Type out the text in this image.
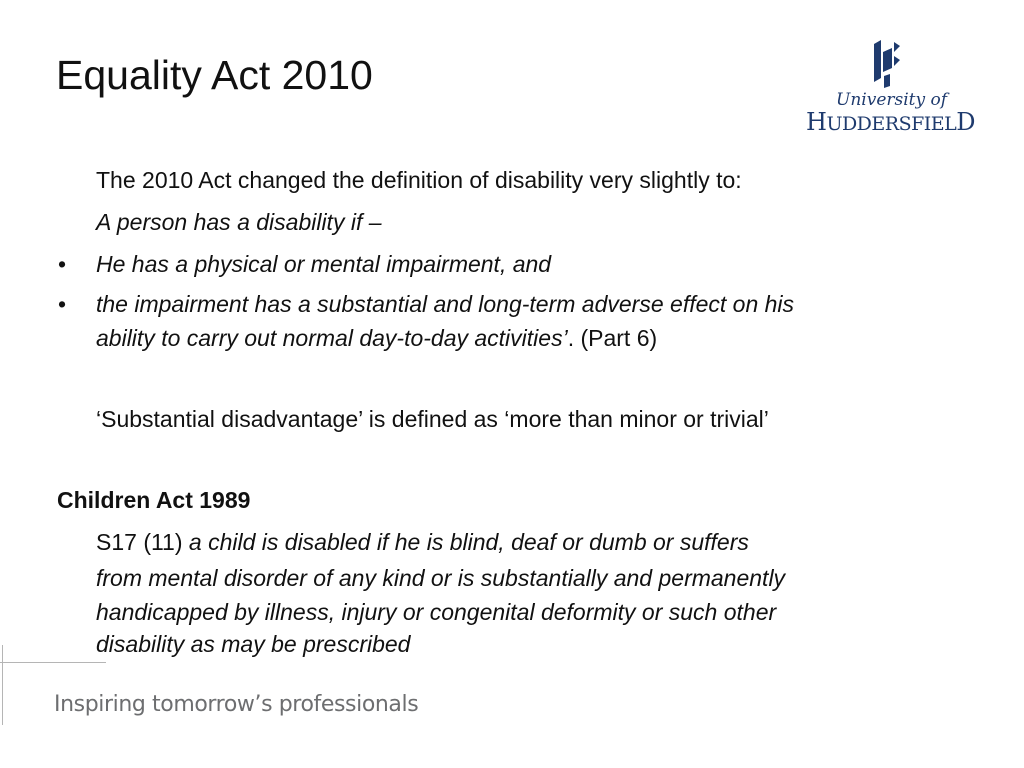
Equality Act 2010
University of
HUDDERSFIELD
The 2010 Act changed the definition of disability very slightly to:
A person has a disability if –
• He has a physical or mental impairment, and
• the impairment has a substantial and long-term adverse effect on his
ability to carry out normal day-to-day activities’. (Part 6)
‘Substantial disadvantage’ is defined as ‘more than minor or trivial’
Children Act 1989
S17 (11) a child is disabled if he is blind, deaf or dumb or suffers
from mental disorder of any kind or is substantially and permanently
handicapped by illness, injury or congenital deformity or such other
disability as may be prescribed
Inspiring tomorrow’s professionals
